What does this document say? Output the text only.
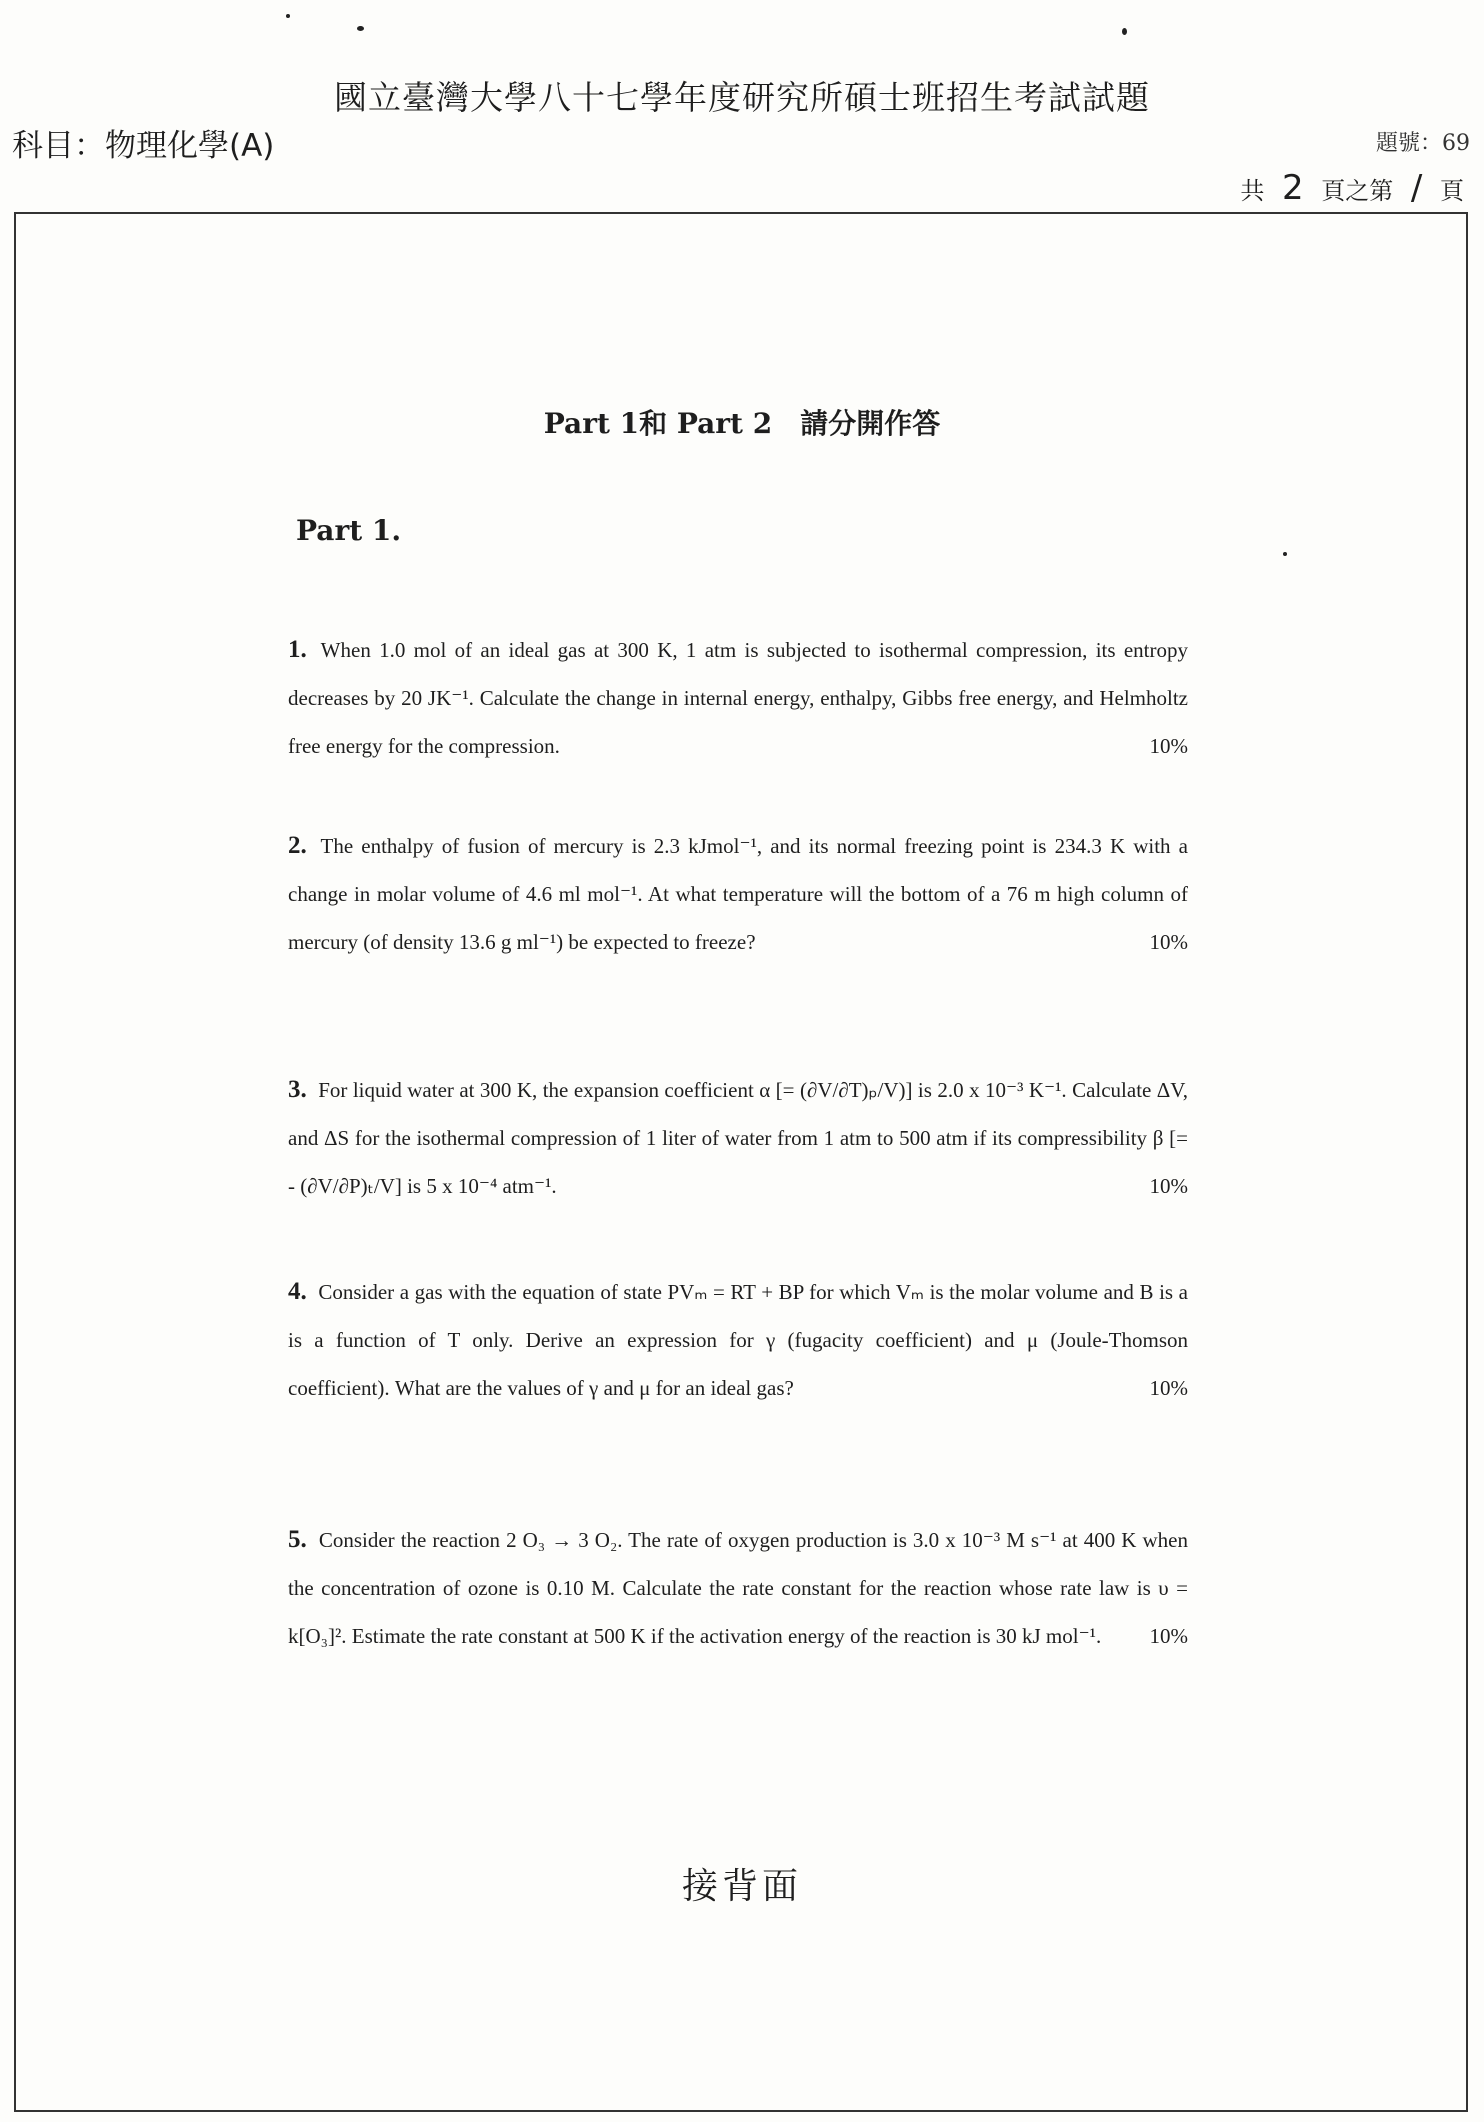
國立臺灣大學八十七學年度研究所碩士班招生考試試題
科目：物理化學(A)	題號：69
共 2 頁之第 / 頁
Part 1和 Part 2　請分開作答
Part 1.
1. When 1.0 mol of an ideal gas at 300 K, 1 atm is subjected to isothermal compression, its entropy decreases by 20 JK⁻¹. Calculate the change in internal energy, enthalpy, Gibbs free energy, and Helmholtz free energy for the compression.	10%
2. The enthalpy of fusion of mercury is 2.3 kJmol⁻¹, and its normal freezing point is 234.3 K with a change in molar volume of 4.6 ml mol⁻¹. At what temperature will the bottom of a 76 m high column of mercury (of density 13.6 g ml⁻¹) be expected to freeze?	10%
3. For liquid water at 300 K, the expansion coefficient α [= (∂V/∂T)ₚ/V)] is 2.0 x 10⁻³ K⁻¹. Calculate ΔV, and ΔS for the isothermal compression of 1 liter of water from 1 atm to 500 atm if its compressibility β [= - (∂V/∂P)ₜ/V] is 5 x 10⁻⁴ atm⁻¹.	10%
4. Consider a gas with the equation of state PVₘ = RT + BP for which Vₘ is the molar volume and B is a is a function of T only. Derive an expression for γ (fugacity coefficient) and μ (Joule-Thomson coefficient). What are the values of γ and μ for an ideal gas?	10%
5. Consider the reaction 2 O₃ → 3 O₂. The rate of oxygen production is 3.0 x 10⁻³ M s⁻¹ at 400 K when the concentration of ozone is 0.10 M. Calculate the rate constant for the reaction whose rate law is υ = k[O₃]². Estimate the rate constant at 500 K if the activation energy of the reaction is 30 kJ mol⁻¹. 10%
接背面
